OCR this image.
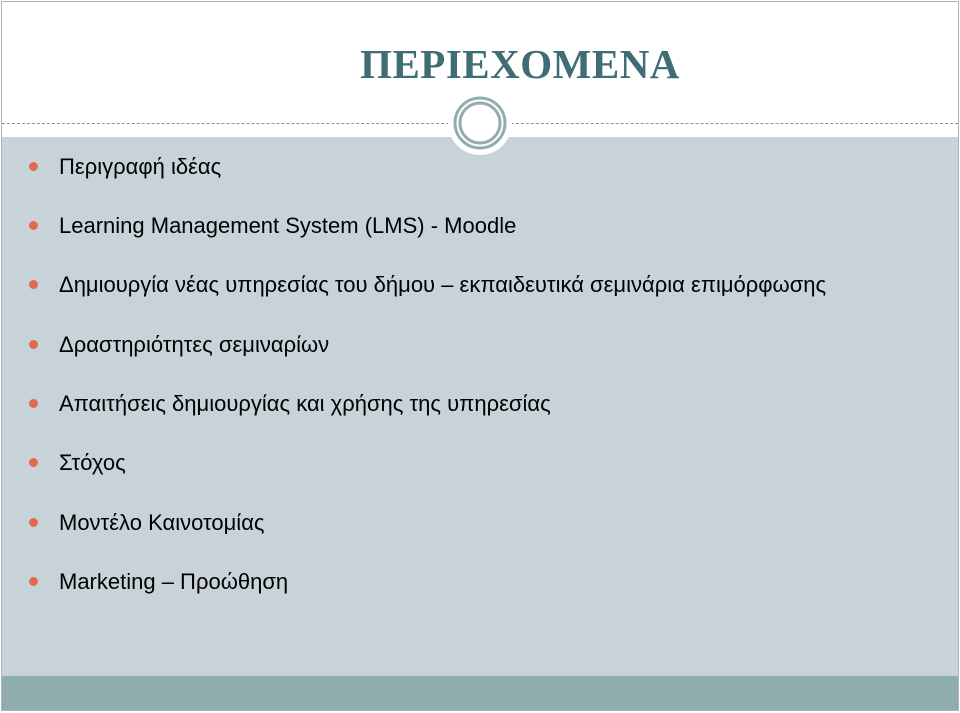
ΠΕΡΙΕΧΟΜΕΝΑ
Περιγραφή ιδέας
Learning Management System (LMS) - Moodle
Δημιουργία νέας υπηρεσίας του δήμου – εκπαιδευτικά σεμινάρια επιμόρφωσης
Δραστηριότητες σεμιναρίων
Απαιτήσεις δημιουργίας και χρήσης της υπηρεσίας
Στόχος
Μοντέλο Καινοτομίας
Marketing – Προώθηση
